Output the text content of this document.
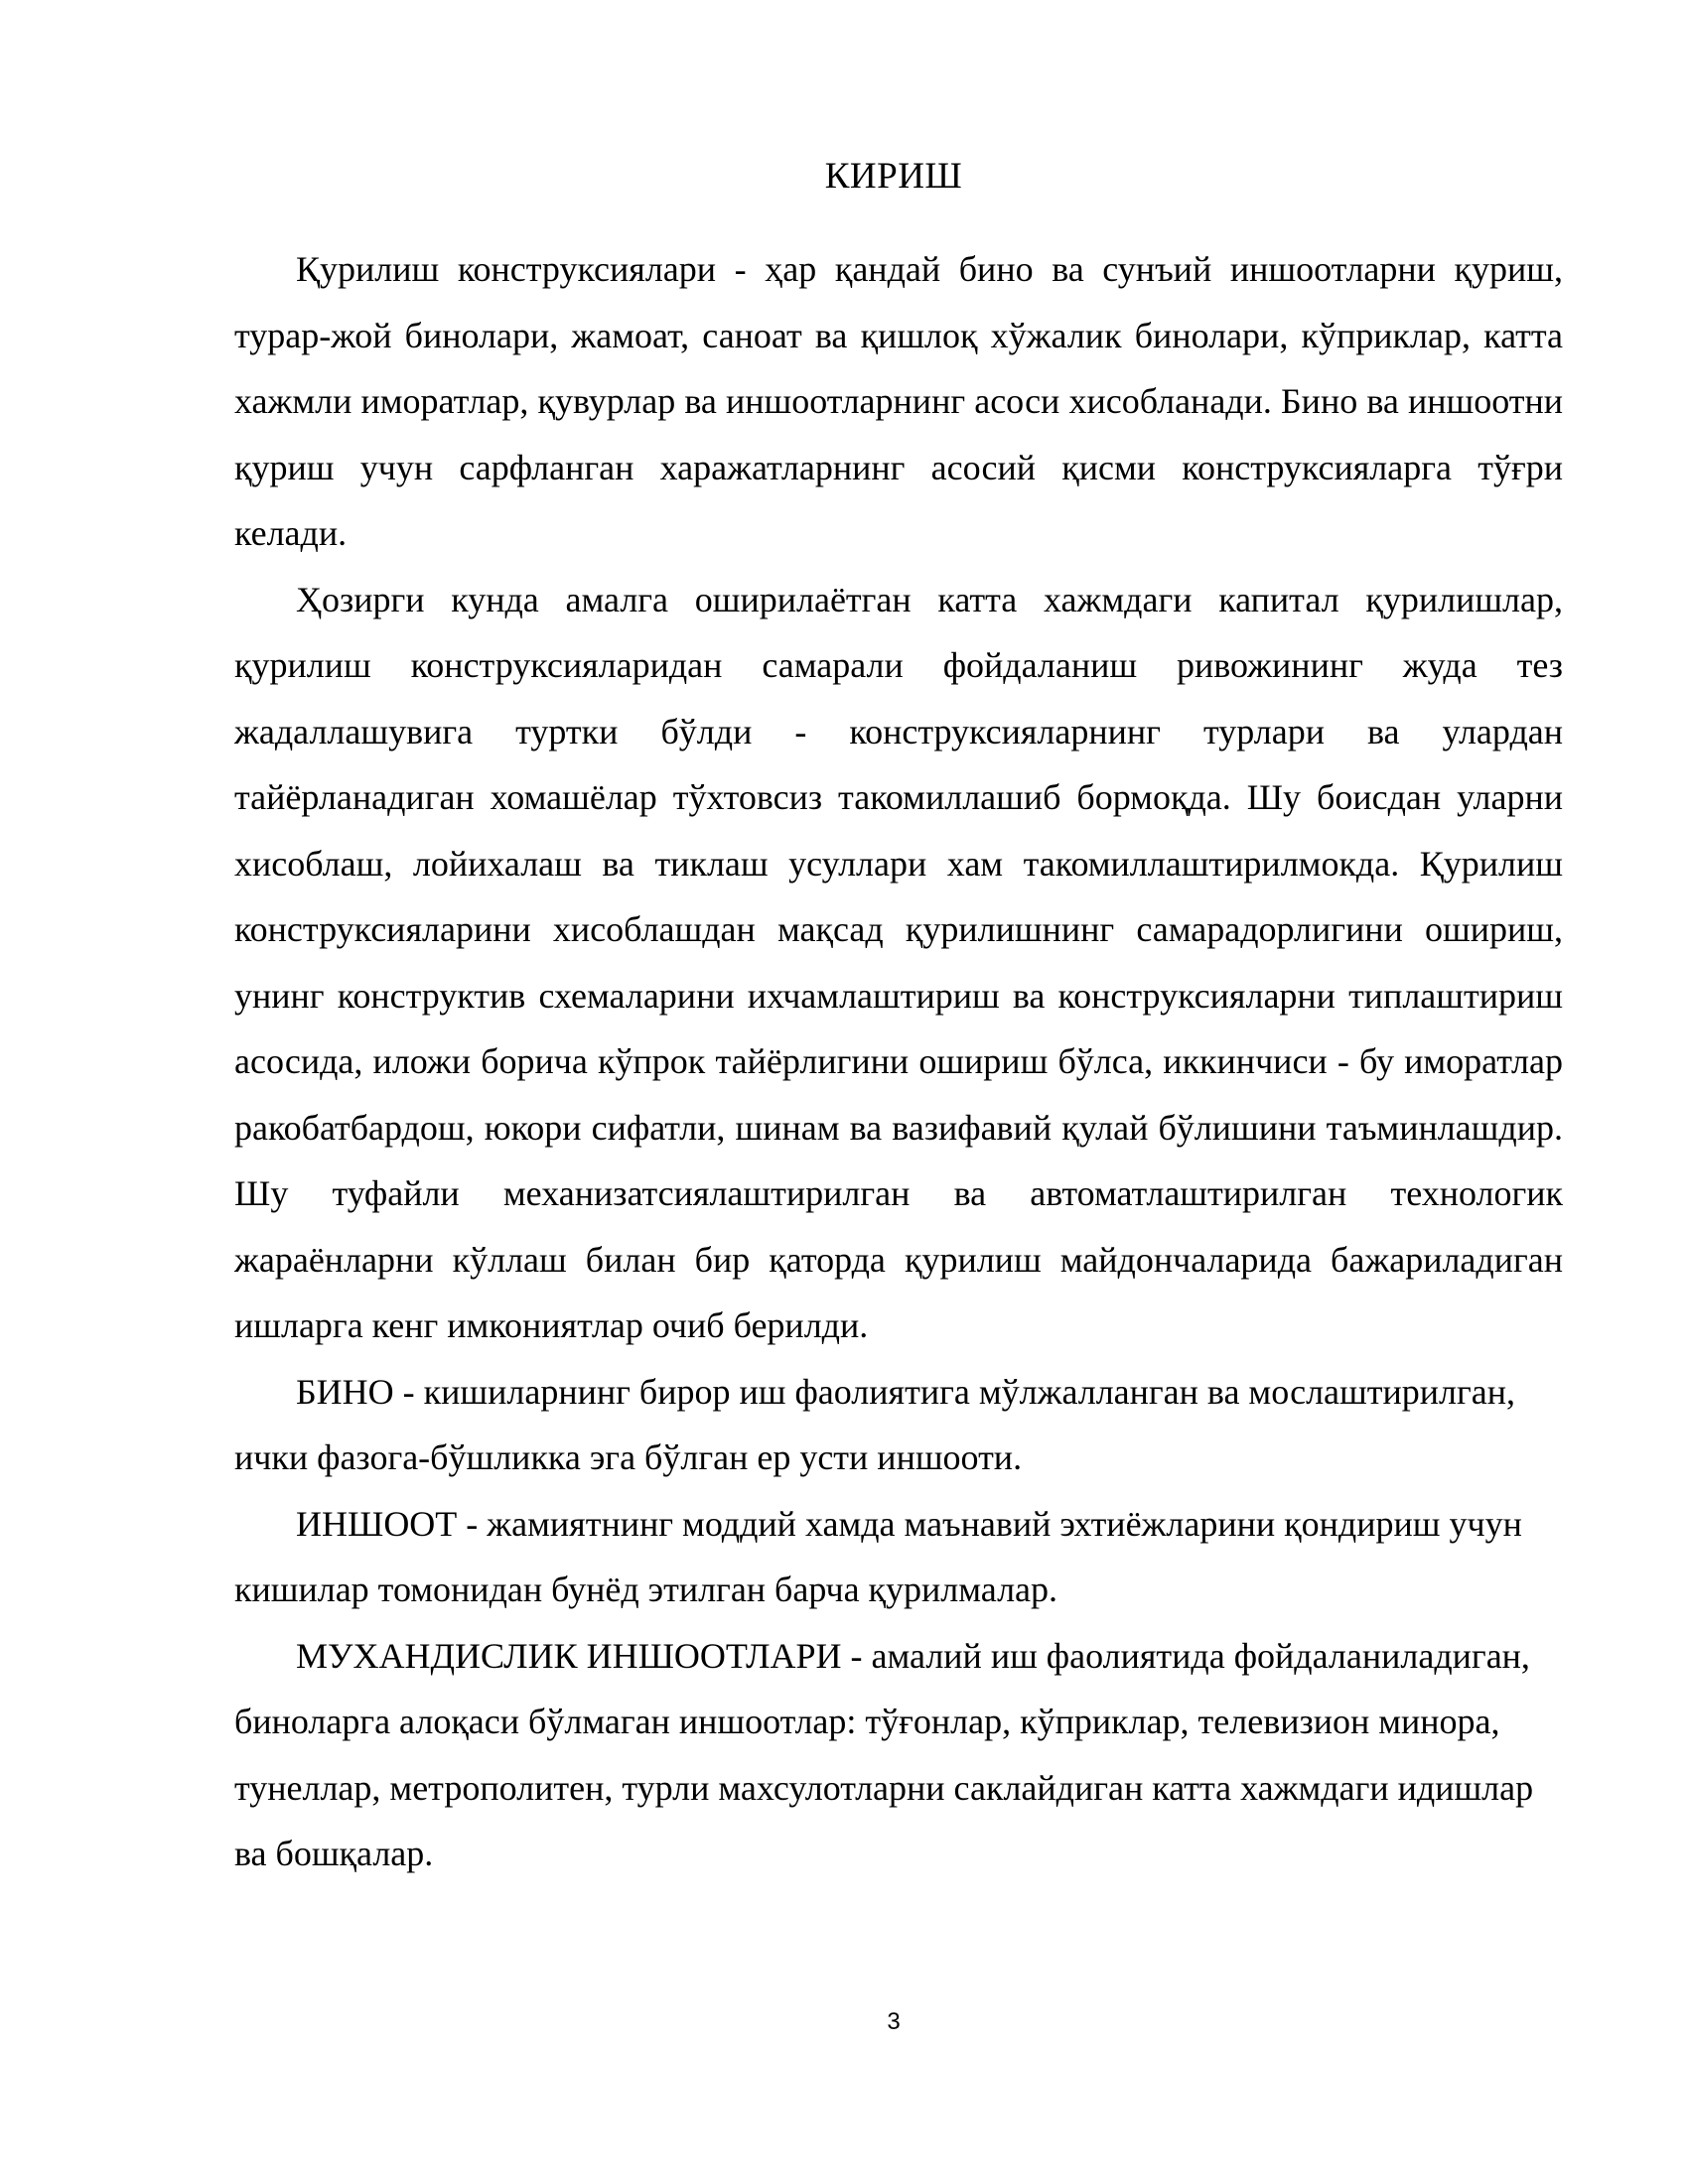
КИРИШ

Қурилиш конструксиялари - ҳар қандай бино ва сунъий иншоотларни қуриш, турар-жой бинолари, жамоат, саноат ва қишлоқ хўжалик бинолари, кўприклар, катта хажмли иморатлар, қувурлар ва иншоотларнинг асоси хисобланади. Бино ва иншоотни қуриш учун сарфланган харажатларнинг асосий қисми конструксияларга тўғри келади.

Ҳозирги кунда амалга оширилаётган катта хажмдаги капитал қурилишлар, қурилиш конструксияларидан самарали фойдаланиш ривожининг жуда тез жадаллашувига туртки бўлди - конструксияларнинг турлари ва улардан тайёрланадиган хомашёлар тўхтовсиз такомиллашиб бормоқда. Шу боисдан уларни хисоблаш, лойихалаш ва тиклаш усуллари хам такомиллаштирилмокда. Қурилиш конструксияларини хисоблашдан мақсад қурилишнинг самарадорлигини ошириш, унинг конструктив схемаларини ихчамлаштириш ва конструксияларни типлаштириш асосида, иложи борича кўпрок тайёрлигини ошириш бўлса, иккинчиси - бу иморатлар ракобатбардош, юкори сифатли, шинам ва вазифавий қулай бўлишини таъминлашдир. Шу туфайли механизатсиялаштирилган ва автоматлаштирилган технологик жараёнларни кўллаш билан бир қаторда қурилиш майдончаларида бажариладиган ишларга кенг имкониятлар очиб берилди.

БИНО - кишиларнинг бирор иш фаолиятига мўлжалланган ва мослаштирилган, ички фазога-бўшликка эга бўлган ер усти иншооти.

ИНШООТ - жамиятнинг моддий хамда маънавий эхтиёжларини қондириш учун кишилар томонидан бунёд этилган барча қурилмалар.

МУХАНДИСЛИК ИНШООТЛАРИ - амалий иш фаолиятида фойдаланиладиган, биноларга алоқаси бўлмаган иншоотлар: тўғонлар, кўприклар, телевизион минора, тунеллар, метрополитен, турли махсулотларни саклайдиган катта хажмдаги идишлар ва бошқалар.

3
